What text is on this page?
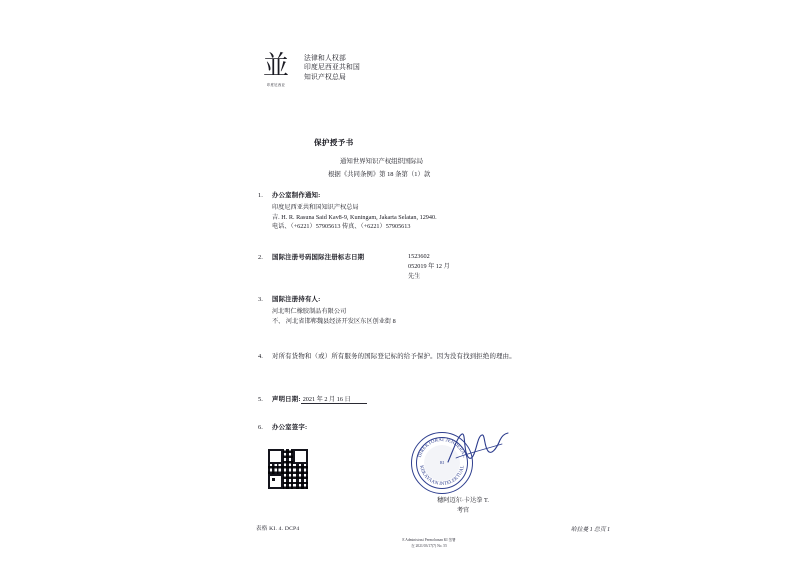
並
印度尼西亚
法律和人权部
印度尼西亚共和国
知识产权总局
保护授予书
通知世界知识产权组织国际局
根据《共同条例》第 18 条第（1）款
1.	办公室制作通知:
印度尼西亚共和国知识产权总局
吉. H. R. Rasuna Said Kav8-9, Kuningam, Jakarta Selatan, 12940.
电话、（+6221）57905613 传真、（+6221）57905613
2.	国际注册号码国际注册标志日期	1523602
052019 年 12 月
先生
3.	国际注册持有人:
河北明仁橡胶制品有限公司
不、 河北省邯郸魏县经济开发区东区创业街 8
4.	对所有货物和（或）所有服务的国际登记标的给予保护。因为没有找到拒绝的理由。
5.	声明日期: 2021 年 2 月 16 日
6.	办公室签字:
DIREKTORAT JENDERAL
KEKAYAAN INTELEKTUAL
RI
穗阿迈尔·卡达拳 T.
考官
表格 KI. 4. DCP4	哈拉曼 1 总页 1
E Administrasi Permohonan KI 签署
在 2021/03/17(7) No. 55
